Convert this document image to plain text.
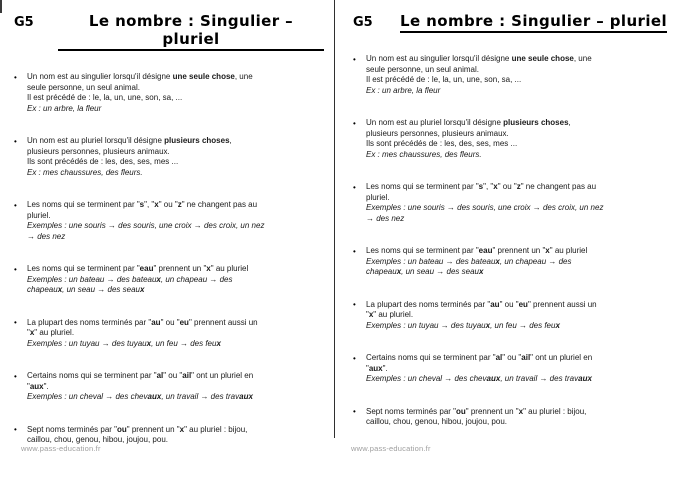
G5	Le nombre : Singulier – pluriel
•	Un nom est au singulier lorsqu'il désigne une seule chose, une
seule personne, un seul animal.
Il est précédé de : le, la, un, une, son, sa, ...
Ex : un arbre, la fleur
•	Un nom est au pluriel lorsqu'il désigne plusieurs choses,
plusieurs personnes, plusieurs animaux.
Ils sont précédés de : les, des, ses, mes ...
Ex : mes chaussures, des fleurs.
•	Les noms qui se terminent par "s", "x" ou "z" ne changent pas au
pluriel.
Exemples : une souris → des souris, une croix → des croix, un nez
→ des nez
•	Les noms qui se terminent par "eau" prennent un "x" au pluriel
Exemples : un bateau → des bateaux, un chapeau → des
chapeaux, un seau → des seaux
•	La plupart des noms terminés par "au" ou "eu" prennent aussi un
"x" au pluriel.
Exemples : un tuyau → des tuyaux, un feu → des feux
•	Certains noms qui se terminent par "al" ou "ail" ont un pluriel en
"aux".
Exemples : un cheval → des chevaux, un travail → des travaux
•	Sept noms terminés par "ou" prennent un "x" au pluriel : bijou,
caillou, chou, genou, hibou, joujou, pou.
www.pass-education.fr
G5	Le nombre : Singulier – pluriel
•	Un nom est au singulier lorsqu'il désigne une seule chose, une
seule personne, un seul animal.
Il est précédé de : le, la, un, une, son, sa, ...
Ex : un arbre, la fleur
•	Un nom est au pluriel lorsqu'il désigne plusieurs choses,
plusieurs personnes, plusieurs animaux.
Ils sont précédés de : les, des, ses, mes ...
Ex : mes chaussures, des fleurs.
•	Les noms qui se terminent par "s", "x" ou "z" ne changent pas au
pluriel.
Exemples : une souris → des souris, une croix → des croix, un nez
→ des nez
•	Les noms qui se terminent par "eau" prennent un "x" au pluriel
Exemples : un bateau → des bateaux, un chapeau → des
chapeaux, un seau → des seaux
•	La plupart des noms terminés par "au" ou "eu" prennent aussi un
"x" au pluriel.
Exemples : un tuyau → des tuyaux, un feu → des feux
•	Certains noms qui se terminent par "al" ou "ail" ont un pluriel en
"aux".
Exemples : un cheval → des chevaux, un travail → des travaux
•	Sept noms terminés par "ou" prennent un "x" au pluriel : bijou,
caillou, chou, genou, hibou, joujou, pou.
www.pass-education.fr
